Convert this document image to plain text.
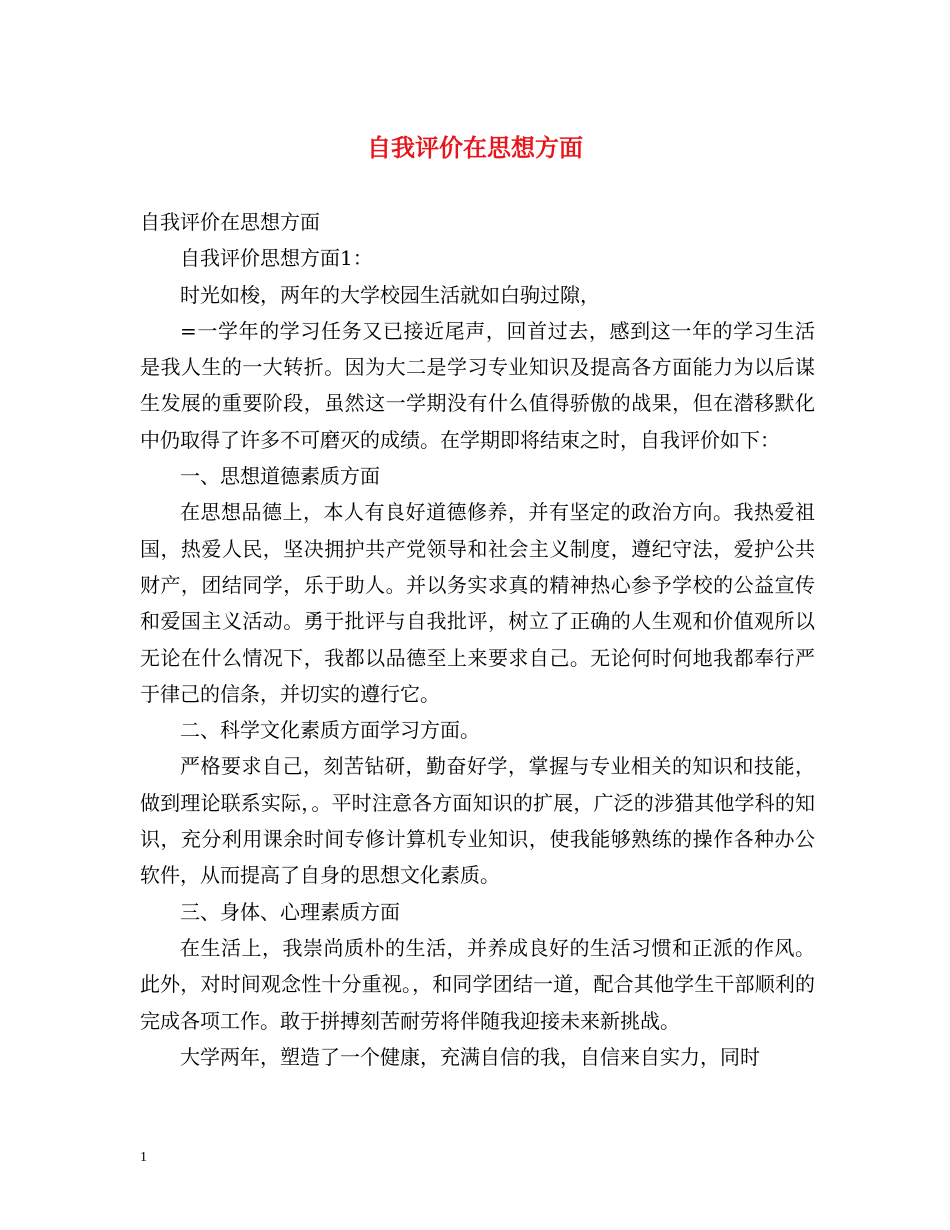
自我评价在思想方面

自我评价在思想方面

自我评价思想方面1：

时光如梭，两年的大学校园生活就如白驹过隙，

=一学年的学习任务又已接近尾声，回首过去，感到这一年的学习生活是我人生的一大转折。因为大二是学习专业知识及提高各方面能力为以后谋生发展的重要阶段，虽然这一学期没有什么值得骄傲的战果，但在潜移默化中仍取得了许多不可磨灭的成绩。在学期即将结束之时，自我评价如下：

一、思想道德素质方面

在思想品德上，本人有良好道德修养，并有坚定的政治方向。我热爱祖国，热爱人民，坚决拥护共产党领导和社会主义制度，遵纪守法，爱护公共财产，团结同学，乐于助人。并以务实求真的精神热心参予学校的公益宣传和爱国主义活动。勇于批评与自我批评，树立了正确的人生观和价值观所以无论在什么情况下，我都以品德至上来要求自己。无论何时何地我都奉行严于律己的信条，并切实的遵行它。

二、科学文化素质方面学习方面。

严格要求自己，刻苦钻研，勤奋好学，掌握与专业相关的知识和技能，做到理论联系实际，。平时注意各方面知识的扩展，广泛的涉猎其他学科的知识，充分利用课余时间专修计算机专业知识，使我能够熟练的操作各种办公软件，从而提高了自身的思想文化素质。

三、身体、心理素质方面

在生活上，我崇尚质朴的生活，并养成良好的生活习惯和正派的作风。此外，对时间观念性十分重视。，和同学团结一道，配合其他学生干部顺利的完成各项工作。敢于拼搏刻苦耐劳将伴随我迎接未来新挑战。

大学两年，塑造了一个健康，充满自信的我，自信来自实力，同时

1
